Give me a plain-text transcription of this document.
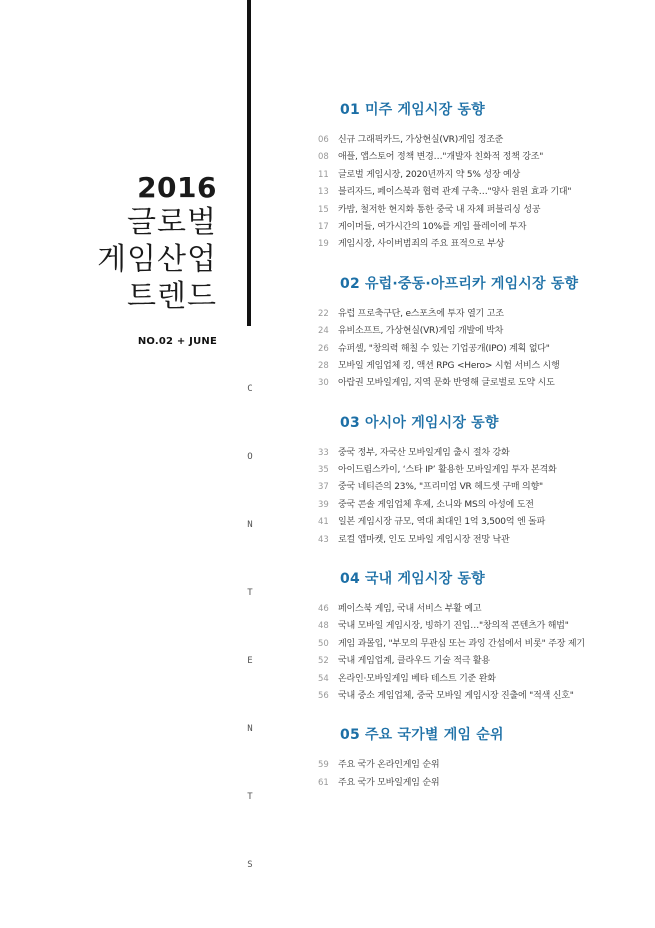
2016
글로벌
게임산업
트렌드
NO.02 + JUNE
C
O
N
T
E
N
T
S
01 미주 게임시장 동향
06	신규 그래픽카드, 가상현실(VR)게임 정조준
08	애플, 앱스토어 정책 변경…"개발자 친화적 정책 강조"
11	글로벌 게임시장, 2020년까지 약 5% 성장 예상
13	블리자드, 페이스북과 협력 관계 구축…"양사 윈윈 효과 기대"
15	카밤, 철저한 현지화 통한 중국 내 자체 퍼블리싱 성공
17	게이머들, 여가시간의 10%를 게임 플레이에 투자
19	게임시장, 사이버범죄의 주요 표적으로 부상
02 유럽·중동·아프리카 게임시장 동향
22	유럽 프로축구단, e스포츠에 투자 열기 고조
24	유비소프트, 가상현실(VR)게임 개발에 박차
26	슈퍼셀, "창의력 해칠 수 있는 기업공개(IPO) 계획 없다"
28	모바일 게임업체 킹, 액션 RPG <Hero> 시험 서비스 시행
30	아랍권 모바일게임, 지역 문화 반영해 글로벌로 도약 시도
03 아시아 게임시장 동향
33	중국 정부, 자국산 모바일게임 출시 절차 강화
35	아이드림스카이, ‘스타 IP’ 활용한 모바일게임 투자 본격화
37	중국 네티즌의 23%, "프리미엄 VR 헤드셋 구매 의향"
39	중국 콘솔 게임업체 후제, 소니와 MS의 아성에 도전
41	일본 게임시장 규모, 역대 최대인 1억 3,500억 엔 돌파
43	로컬 앱마켓, 인도 모바일 게임시장 전망 낙관
04 국내 게임시장 동향
46	페이스북 게임, 국내 서비스 부활 예고
48	국내 모바일 게임시장, 빙하기 진입…"창의적 콘텐츠가 해법"
50	게임 과몰입, "부모의 무관심 또는 과잉 간섭에서 비롯" 주장 제기
52	국내 게임업계, 클라우드 기술 적극 활용
54	온라인·모바일게임 베타 테스트 기준 완화
56	국내 중소 게임업체, 중국 모바일 게임시장 진출에 "적색 신호"
05 주요 국가별 게임 순위
59	주요 국가 온라인게임 순위
61	주요 국가 모바일게임 순위
